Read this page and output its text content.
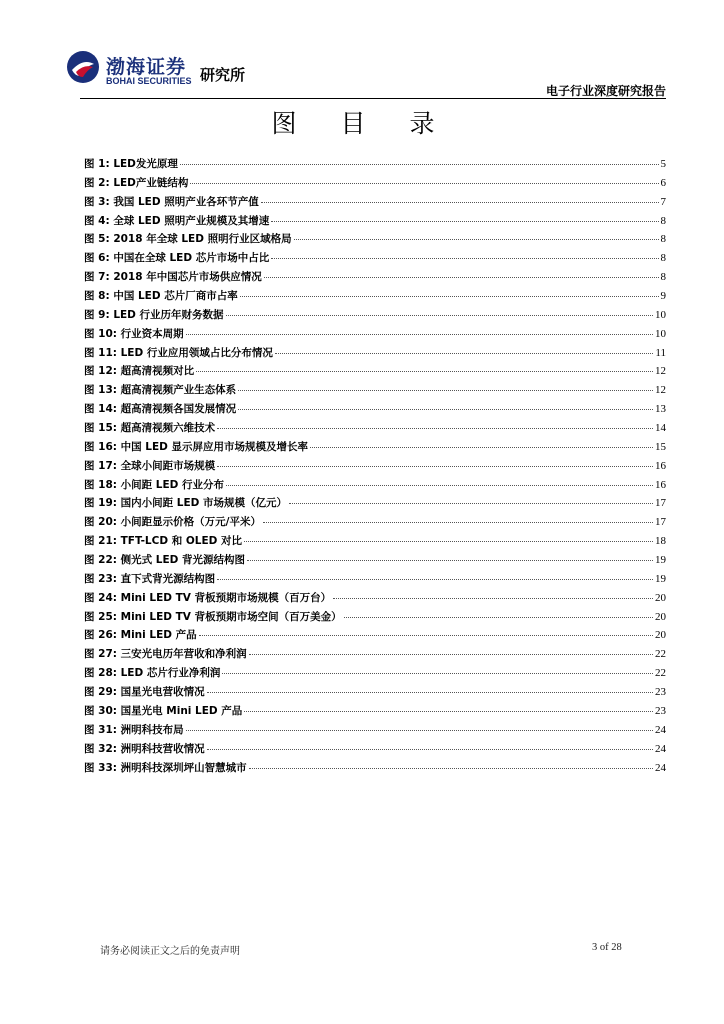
渤海证券
BOHAI SECURITIES 研究所
电子行业深度研究报告
图 目 录
图 1: LED发光原理	5
图 2: LED产业链结构	6
图 3: 我国 LED 照明产业各环节产值	7
图 4: 全球 LED 照明产业规模及其增速	8
图 5: 2018 年全球 LED 照明行业区域格局	8
图 6: 中国在全球 LED 芯片市场中占比	8
图 7: 2018 年中国芯片市场供应情况	8
图 8: 中国 LED 芯片厂商市占率	9
图 9: LED 行业历年财务数据	10
图 10: 行业资本周期	10
图 11: LED 行业应用领域占比分布情况	11
图 12: 超高清视频对比	12
图 13: 超高清视频产业生态体系	12
图 14: 超高清视频各国发展情况	13
图 15: 超高清视频六维技术	14
图 16: 中国 LED 显示屏应用市场规模及增长率	15
图 17: 全球小间距市场规模	16
图 18: 小间距 LED 行业分布	16
图 19: 国内小间距 LED 市场规模（亿元）	17
图 20: 小间距显示价格（万元/平米）	17
图 21: TFT-LCD 和 OLED 对比	18
图 22: 侧光式 LED 背光源结构图	19
图 23: 直下式背光源结构图	19
图 24: Mini LED TV 背板预期市场规模（百万台）	20
图 25: Mini LED TV 背板预期市场空间（百万美金）	20
图 26: Mini LED 产品	20
图 27: 三安光电历年营收和净利润	22
图 28: LED 芯片行业净利润	22
图 29: 国星光电营收情况	23
图 30: 国星光电 Mini LED 产品	23
图 31: 洲明科技布局	24
图 32: 洲明科技营收情况	24
图 33: 洲明科技深圳坪山智慧城市	24
请务必阅读正文之后的免责声明	3 of 28
